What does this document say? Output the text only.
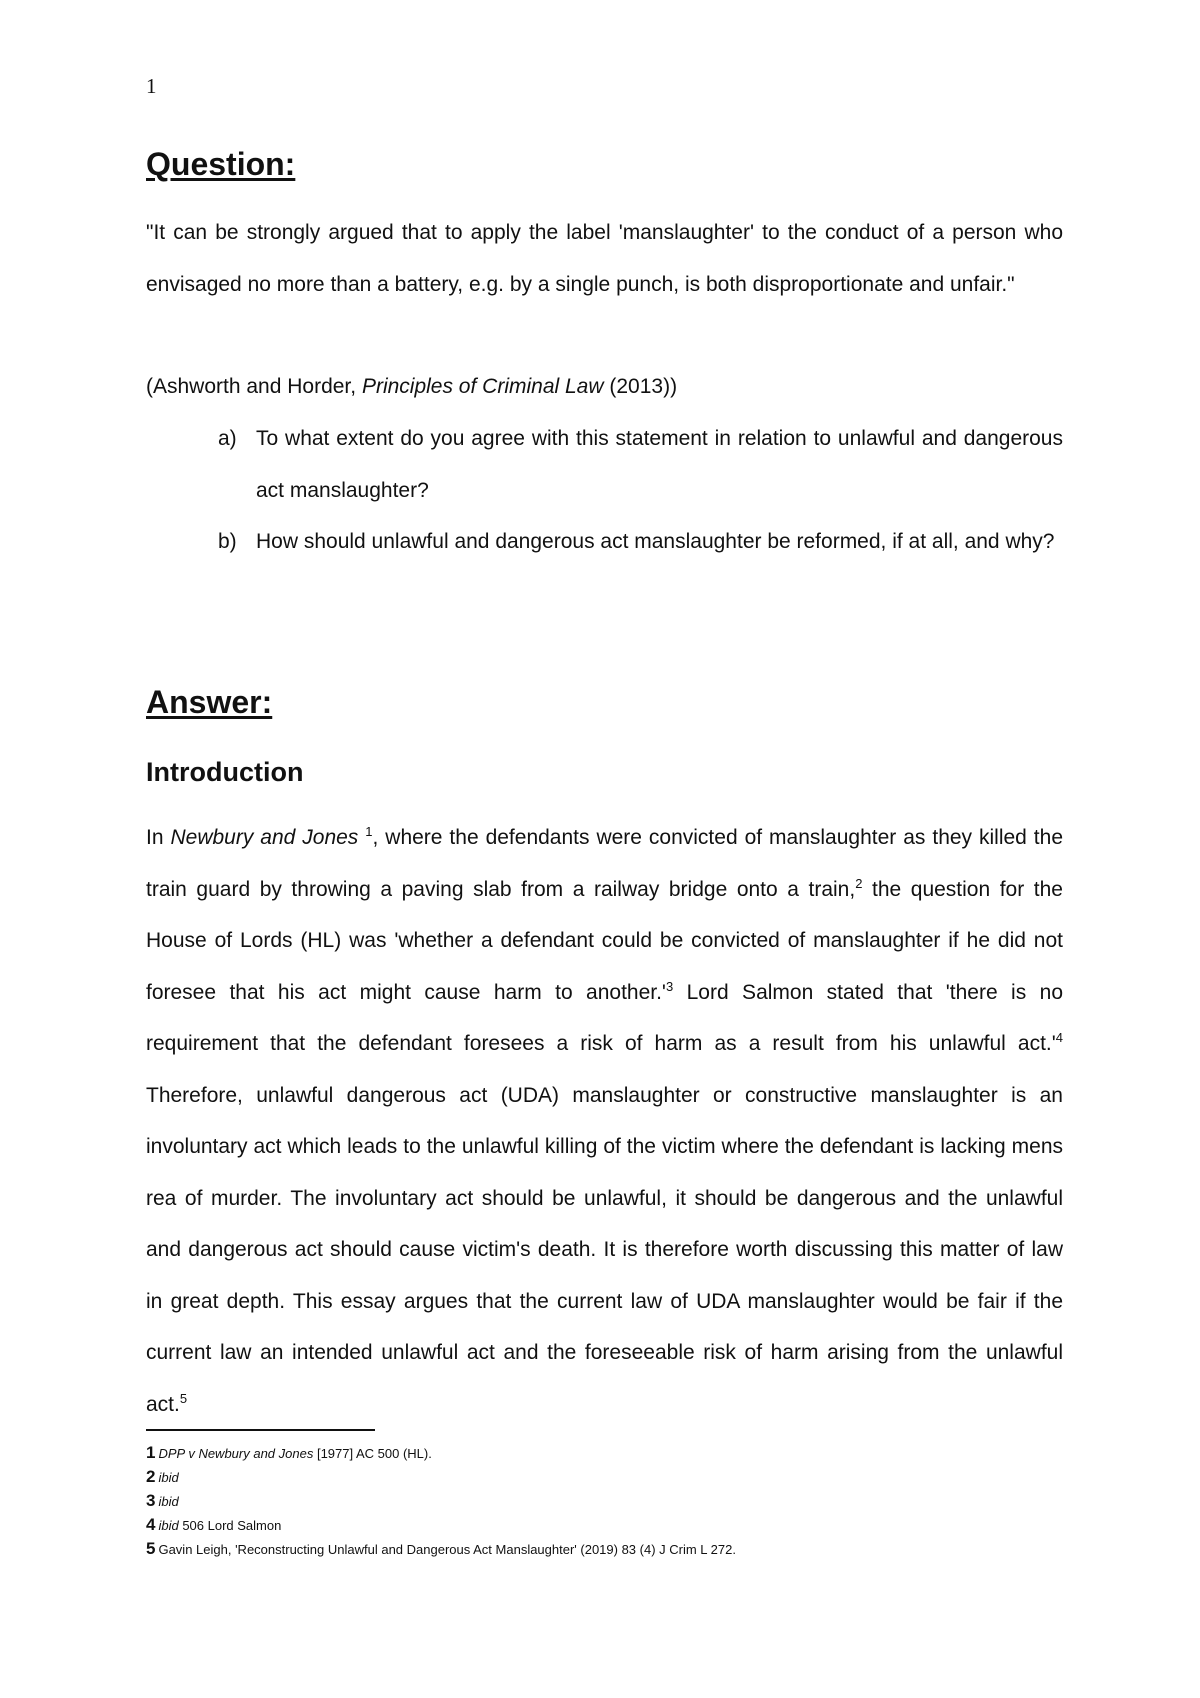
1
Question:

"It can be strongly argued that to apply the label 'manslaughter' to the conduct of a person who envisaged no more than a battery, e.g. by a single punch, is both disproportionate and unfair."

(Ashworth and Horder, Principles of Criminal Law (2013))

a) To what extent do you agree with this statement in relation to unlawful and dangerous act manslaughter?
b) How should unlawful and dangerous act manslaughter be reformed, if at all, and why?
Answer:
Introduction

In Newbury and Jones $^1$, where the defendants were convicted of manslaughter as they killed the train guard by throwing a paving slab from a railway bridge onto a train,$^2$ the question for the House of Lords (HL) was 'whether a defendant could be convicted of manslaughter if he did not foresee that his act might cause harm to $another.'^3$ Lord Salmon stated that 'there is no requirement that the defendant foresees a risk of harm as a result from his unlawful $act.'^4$ Therefore, unlawful dangerous act (UDA) manslaughter or constructive manslaughter is an involuntary act which leads to the unlawful killing of the victim where the defendant is lacking mens rea of murder. The involuntary act should be unlawful, it should be dangerous and the unlawful and dangerous act should cause victim's death. It is therefore worth discussing this matter of law in great depth. This essay argues that the current law of UDA manslaughter would be fair if the current law an intended unlawful act and the foreseeable risk of harm arising from the unlawful act.$^5$

1 DPP v Newbury and Jones [1977] AC 500 (HL).
2 ibid
3 ibid
4 ibid 506 Lord Salmon
5 Gavin Leigh, 'Reconstructing Unlawful and Dangerous Act Manslaughter' (2019) 83 (4) J Crim L 272.
